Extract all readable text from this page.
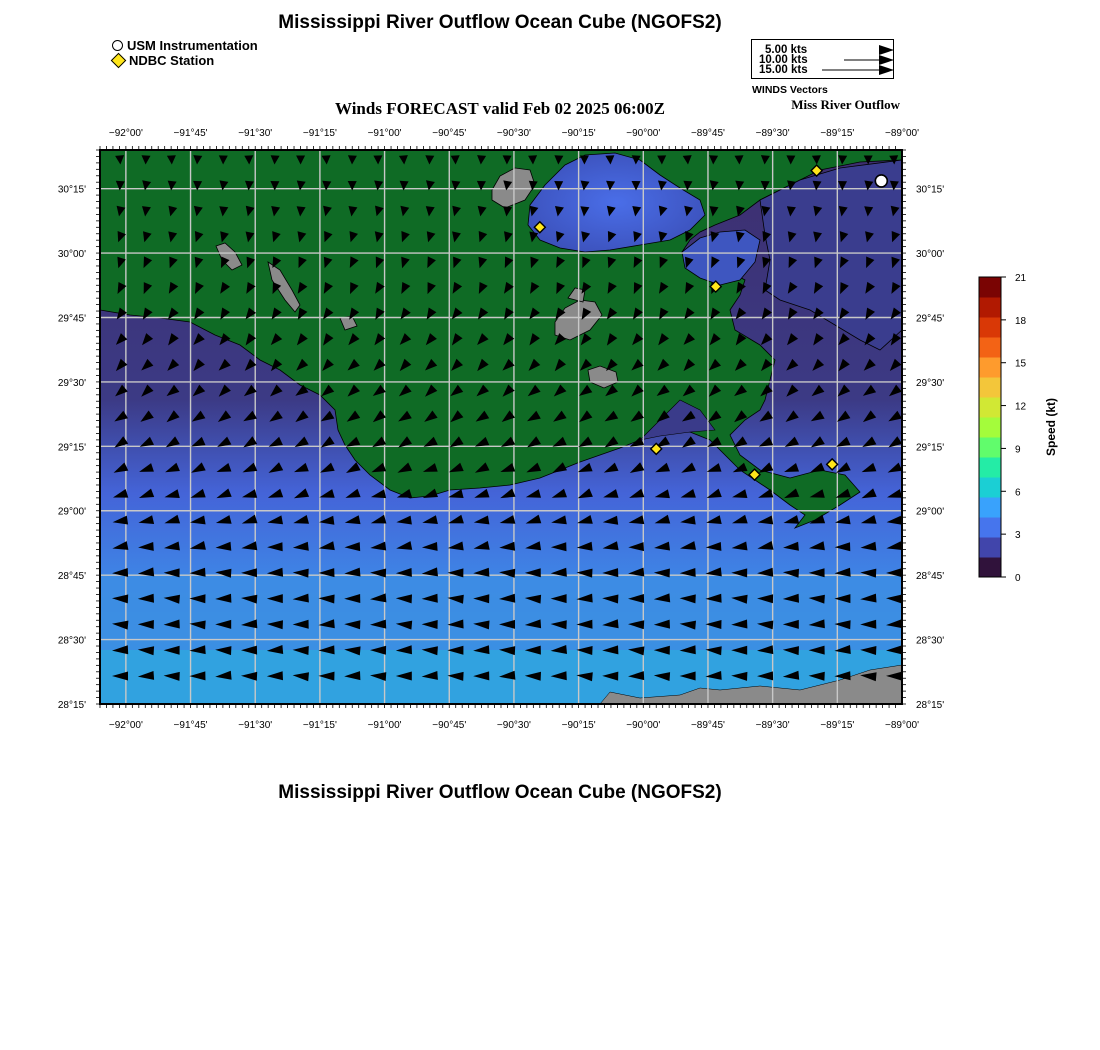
Mississippi River Outflow Ocean Cube (NGOFS2)
USM Instrumentation
NDBC Station
5.00 kts
10.00 kts
15.00 kts
WINDS Vectors
Winds FORECAST valid Feb 02 2025 06:00Z	Miss River Outflow
−92°00'
−92°00'
−91°45'
−91°45'
−91°30'
−91°30'
−91°15'
−91°15'
−91°00'
−91°00'
−90°45'
−90°45'
−90°30'
−90°30'
−90°15'
−90°15'
−90°00'
−90°00'
−89°45'
−89°45'
−89°30'
−89°30'
−89°15'
−89°15'
−89°00'
−89°00'
30°15'	30°15'
30°00'	30°00'
29°45'	29°45'
29°30'	29°30'
29°15'	29°15'
29°00'	29°00'
28°45'	28°45'
28°30'	28°30'
28°15'	28°15'
21
18
15
12
9
6
3
0
Speed (kt)
Mississippi River Outflow Ocean Cube (NGOFS2)
